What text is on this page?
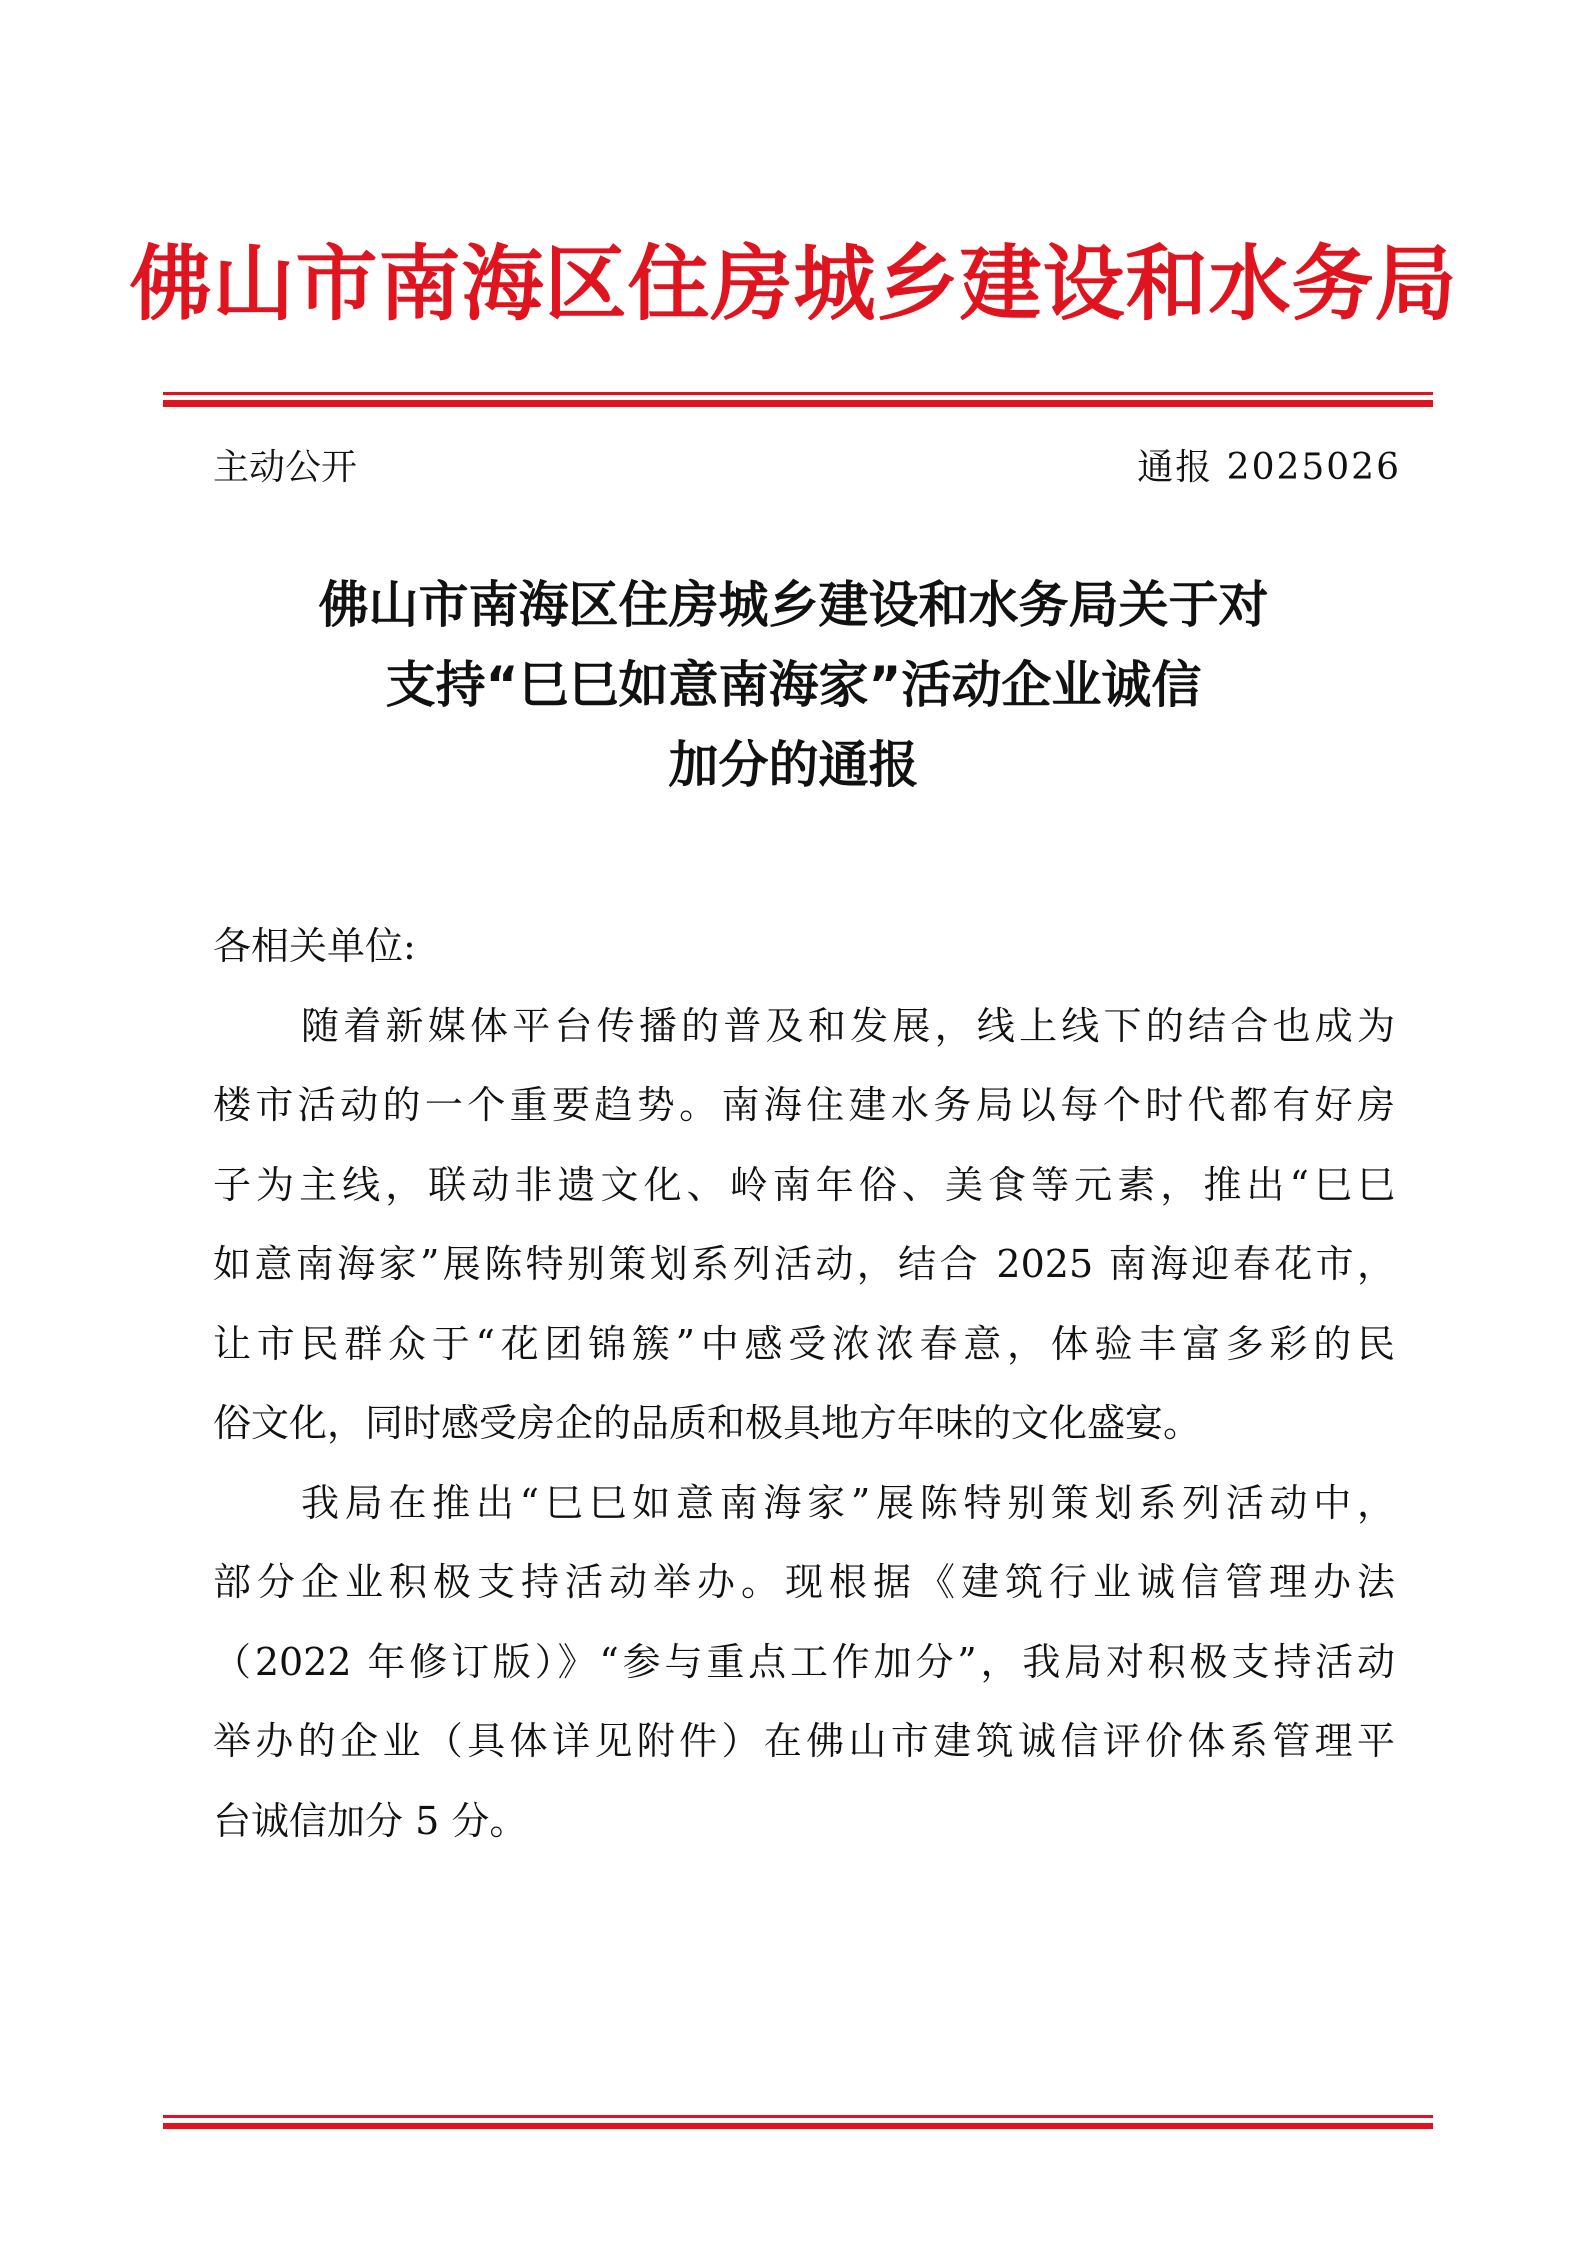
佛山市南海区住房城乡建设和水务局
主动公开	通报 2025026
佛山市南海区住房城乡建设和水务局关于对
支持“巳巳如意南海家”活动企业诚信
加分的通报
各相关单位:
随着新媒体平台传播的普及和发展，线上线下的结合也成为
楼市活动的一个重要趋势。南海住建水务局以每个时代都有好房
子为主线，联动非遗文化、岭南年俗、美食等元素，推出“巳巳
如意南海家”展陈特别策划系列活动，结合 2025 南海迎春花市，
让市民群众于“花团锦簇”中感受浓浓春意，体验丰富多彩的民
俗文化，同时感受房企的品质和极具地方年味的文化盛宴。
我局在推出“巳巳如意南海家”展陈特别策划系列活动中，
部分企业积极支持活动举办。现根据《建筑行业诚信管理办法
（2022 年修订版）》“参与重点工作加分”，我局对积极支持活动
举办的企业（具体详见附件）在佛山市建筑诚信评价体系管理平
台诚信加分 5 分。
